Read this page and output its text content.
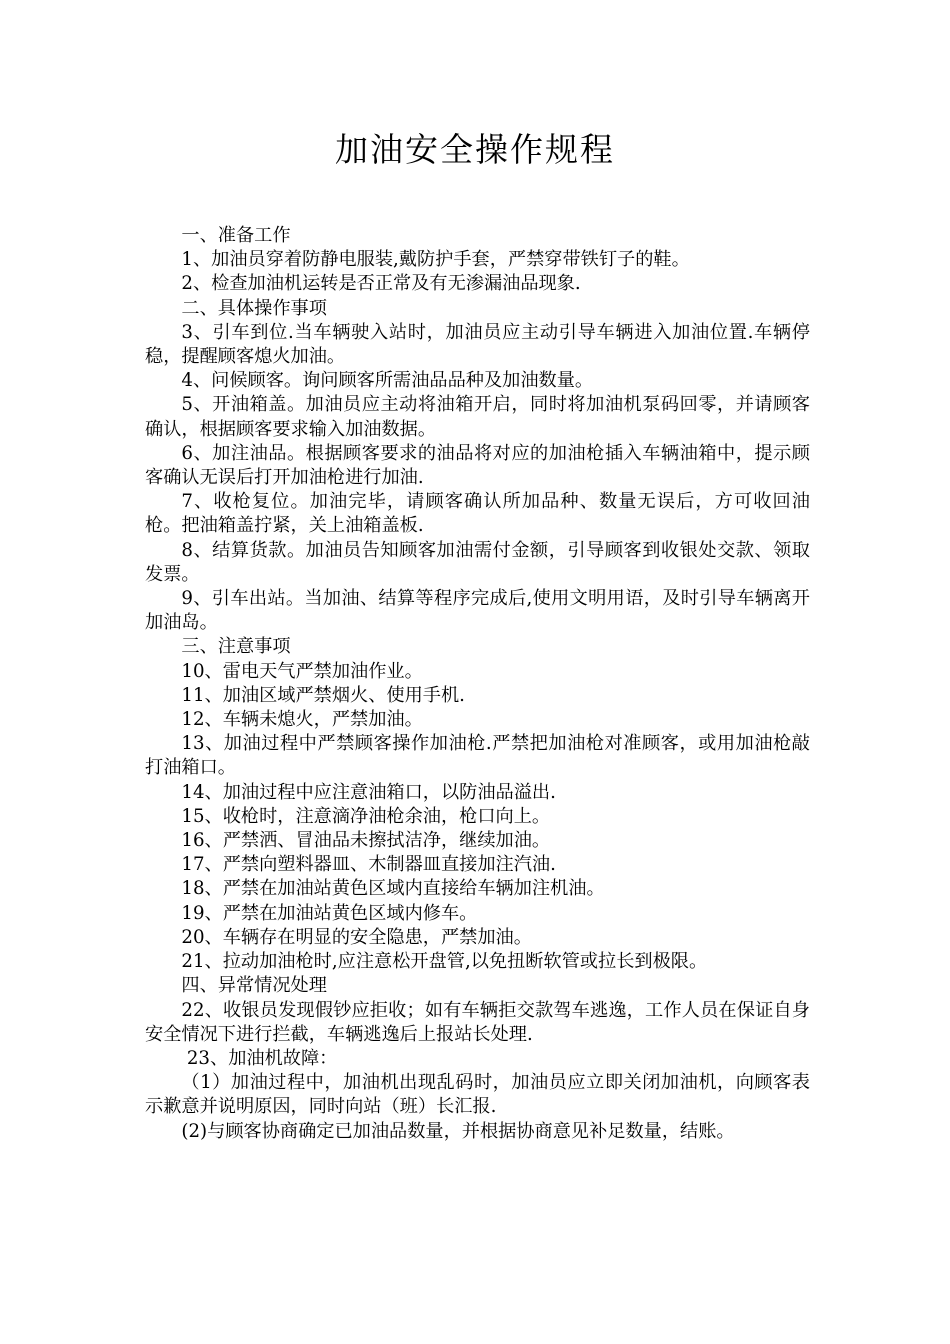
加油安全操作规程

一、准备工作

1、加油员穿着防静电服装,戴防护手套，严禁穿带铁钉子的鞋。

2、检查加油机运转是否正常及有无渗漏油品现象.

二、具体操作事项

3、引车到位.当车辆驶入站时，加油员应主动引导车辆进入加油位置.车辆停稳，提醒顾客熄火加油。

4、问候顾客。询问顾客所需油品品种及加油数量。

5、开油箱盖。加油员应主动将油箱开启，同时将加油机泵码回零，并请顾客确认，根据顾客要求输入加油数据。

6、加注油品。根据顾客要求的油品将对应的加油枪插入车辆油箱中，提示顾客确认无误后打开加油枪进行加油.

7、收枪复位。加油完毕，请顾客确认所加品种、数量无误后，方可收回油枪。把油箱盖拧紧，关上油箱盖板.

8、结算货款。加油员告知顾客加油需付金额，引导顾客到收银处交款、领取发票。

9、引车出站。当加油、结算等程序完成后,使用文明用语，及时引导车辆离开加油岛。

三、注意事项

10、雷电天气严禁加油作业。

11、加油区域严禁烟火、使用手机.

12、车辆未熄火，严禁加油。

13、加油过程中严禁顾客操作加油枪.严禁把加油枪对准顾客，或用加油枪敲打油箱口。

14、加油过程中应注意油箱口，以防油品溢出.

15、收枪时，注意滴净油枪余油，枪口向上。

16、严禁洒、冒油品未擦拭洁净，继续加油。

17、严禁向塑料器皿、木制器皿直接加注汽油.

18、严禁在加油站黄色区域内直接给车辆加注机油。

19、严禁在加油站黄色区域内修车。

20、车辆存在明显的安全隐患，严禁加油。

21、拉动加油枪时,应注意松开盘管,以免扭断软管或拉长到极限。

四、异常情况处理

22、收银员发现假钞应拒收；如有车辆拒交款驾车逃逸，工作人员在保证自身安全情况下进行拦截，车辆逃逸后上报站长处理.

23、加油机故障：

（1）加油过程中，加油机出现乱码时，加油员应立即关闭加油机，向顾客表示歉意并说明原因，同时向站（班）长汇报.

(2)与顾客协商确定已加油品数量，并根据协商意见补足数量，结账。
